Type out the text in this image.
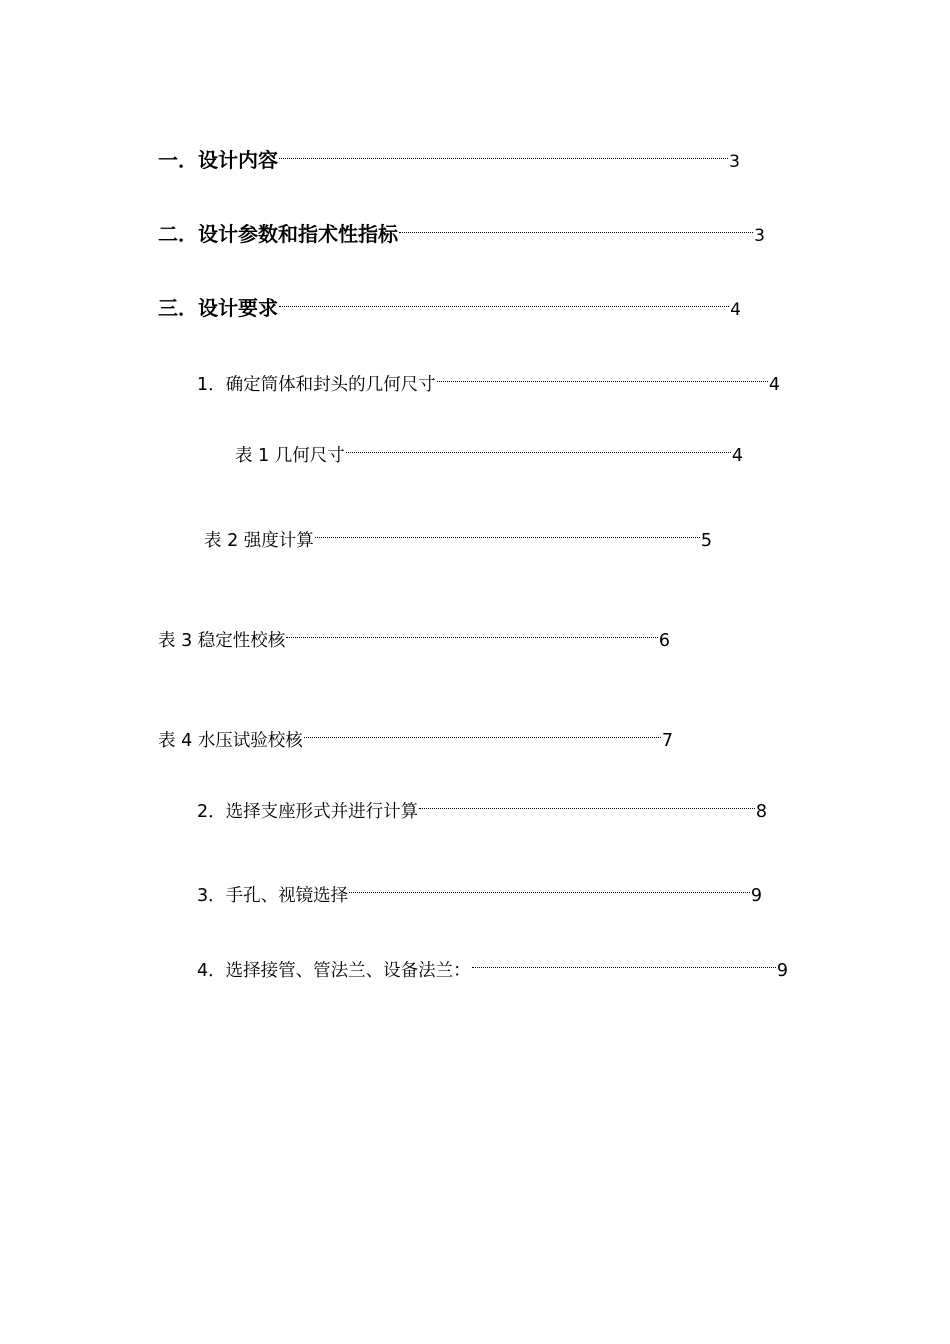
一．设计内容	3
二．设计参数和指术性指标	3
三．设计要求	4
1．确定筒体和封头的几何尺寸	4
表 1 几何尺寸	4
表 2 强度计算	5
表 3 稳定性校核	6
表 4 水压试验校核	7
2．选择支座形式并进行计算	8
3．手孔、视镜选择	9
4．选择接管、管法兰、设备法兰：	9
